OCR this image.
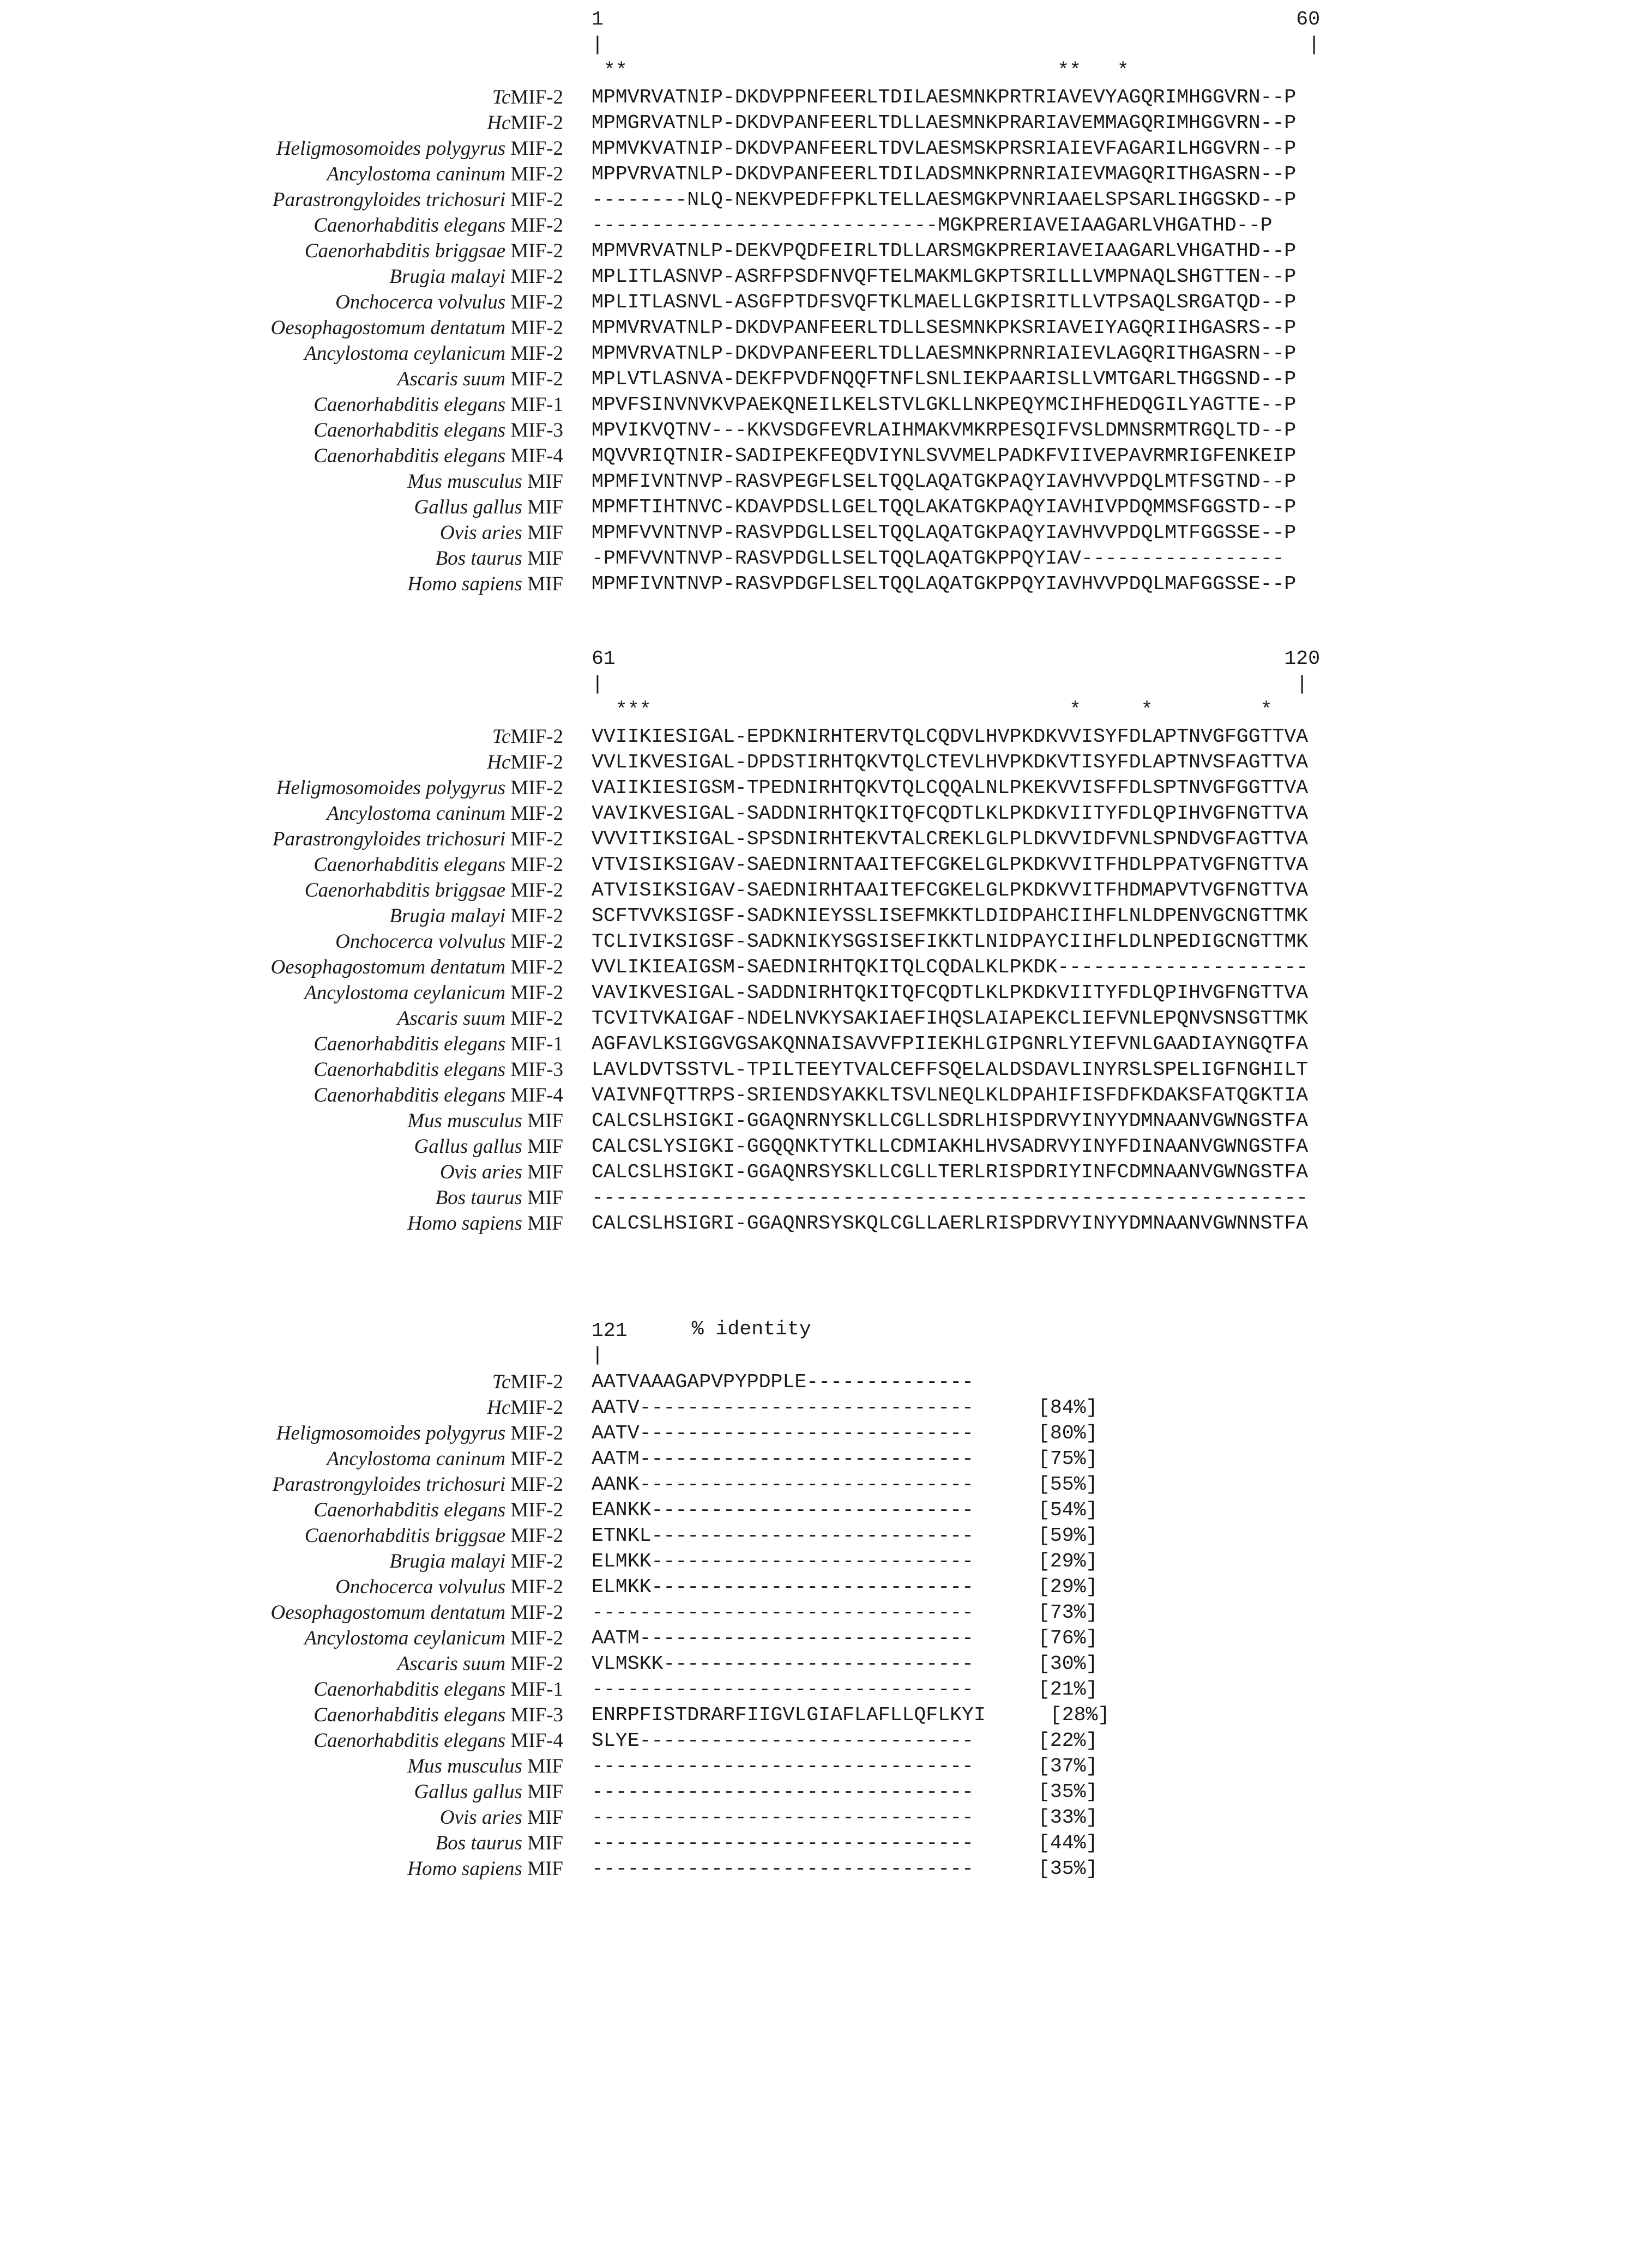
1                                                          60

|                                                           |

**                                    **   *
TcMIF-2	MPMVRVATNIP-DKDVPPNFEERLTDILAESMNKPRTRIAVEVYAGQRIMHGGVRN--P
HcMIF-2	MPMGRVATNLP-DKDVPANFEERLTDLLAESMNKPRARIAVEMMAGQRIMHGGVRN--P
Heligmosomoides polygyrus MIF-2	MPMVKVATNIP-DKDVPANFEERLTDVLAESMSKPRSRIAIEVFAGARILHGGVRN--P
Ancylostoma caninum MIF-2	MPPVRVATNLP-DKDVPANFEERLTDILADSMNKPRNRIAIEVMAGQRITHGASRN--P
Parastrongyloides trichosuri MIF-2	--------NLQ-NEKVPEDFFPKLTELLAESMGKPVNRIAAELSPSARLIHGGSKD--P
Caenorhabditis elegans MIF-2	-----------------------------MGKPRERIAVEIAAGARLVHGATHD--P
Caenorhabditis briggsae MIF-2	MPMVRVATNLP-DEKVPQDFEIRLTDLLARSMGKPRERIAVEIAAGARLVHGATHD--P
Brugia malayi MIF-2	MPLITLASNVP-ASRFPSDFNVQFTELMAKMLGKPTSRILLLVMPNAQLSHGTTEN--P
Onchocerca volvulus MIF-2	MPLITLASNVL-ASGFPTDFSVQFTKLMAELLGKPISRITLLVTPSAQLSRGATQD--P
Oesophagostomum dentatum MIF-2	MPMVRVATNLP-DKDVPANFEERLTDLLSESMNKPKSRIAVEIYAGQRIIHGASRS--P
Ancylostoma ceylanicum MIF-2	MPMVRVATNLP-DKDVPANFEERLTDLLAESMNKPRNRIAIEVLAGQRITHGASRN--P
Ascaris suum MIF-2	MPLVTLASNVA-DEKFPVDFNQQFTNFLSNLIEKPAARISLLVMTGARLTHGGSND--P
Caenorhabditis elegans MIF-1	MPVFSINVNVKVPAEKQNEILKELSTVLGKLLNKPEQYMCIHFHEDQGILYAGTTE--P
Caenorhabditis elegans MIF-3	MPVIKVQTNV---KKVSDGFEVRLAIHMAKVMKRPESQIFVSLDMNSRMTRGQLTD--P
Caenorhabditis elegans MIF-4	MQVVRIQTNIR-SADIPEKFEQDVIYNLSVVMELPADKFVIIVEPAVRMRIGFENKEIP
Mus musculus MIF	MPMFIVNTNVP-RASVPEGFLSELTQQLAQATGKPAQYIAVHVVPDQLMTFSGTND--P
Gallus gallus MIF	MPMFTIHTNVC-KDAVPDSLLGELTQQLAKATGKPAQYIAVHIVPDQMMSFGGSTD--P
Ovis aries MIF	MPMFVVNTNVP-RASVPDGLLSELTQQLAQATGKPAQYIAVHVVPDQLMTFGGSSE--P
Bos taurus MIF	-PMFVVNTNVP-RASVPDGLLSELTQQLAQATGKPPQYIAV-----------------
Homo sapiens MIF	MPMFIVNTNVP-RASVPDGFLSELTQQLAQATGKPPQYIAVHVVPDQLMAFGGSSE--P

61                                                        120

|                                                          |

***                                   *     *         *
TcMIF-2	VVIIKIESIGAL-EPDKNIRHTERVTQLCQDVLHVPKDKVVISYFDLAPTNVGFGGTTVA
HcMIF-2	VVLIKVESIGAL-DPDSTIRHTQKVTQLCTEVLHVPKDKVTISYFDLAPTNVSFAGTTVA
Heligmosomoides polygyrus MIF-2	VAIIKIESIGSM-TPEDNIRHTQKVTQLCQQALNLPKEKVVISFFDLSPTNVGFGGTTVA
Ancylostoma caninum MIF-2	VAVIKVESIGAL-SADDNIRHTQKITQFCQDTLKLPKDKVIITYFDLQPIHVGFNGTTVA
Parastrongyloides trichosuri MIF-2	VVVITIKSIGAL-SPSDNIRHTEKVTALCREKLGLPLDKVVIDFVNLSPNDVGFAGTTVA
Caenorhabditis elegans MIF-2	VTVISIKSIGAV-SAEDNIRNTAAITEFCGKELGLPKDKVVITFHDLPPATVGFNGTTVA
Caenorhabditis briggsae MIF-2	ATVISIKSIGAV-SAEDNIRHTAAITEFCGKELGLPKDKVVITFHDMAPVTVGFNGTTVA
Brugia malayi MIF-2	SCFTVVKSIGSF-SADKNIEYSSLISEFMKKTLDIDPAHCIIHFLNLDPENVGCNGTTMK
Onchocerca volvulus MIF-2	TCLIVIKSIGSF-SADKNIKYSGSISEFIKKTLNIDPAYCIIHFLDLNPEDIGCNGTTMK
Oesophagostomum dentatum MIF-2	VVLIKIEAIGSM-SAEDNIRHTQKITQLCQDALKLPKDK---------------------
Ancylostoma ceylanicum MIF-2	VAVIKVESIGAL-SADDNIRHTQKITQFCQDTLKLPKDKVIITYFDLQPIHVGFNGTTVA
Ascaris suum MIF-2	TCVITVKAIGAF-NDELNVKYSAKIAEFIHQSLAIAPEKCLIEFVNLEPQNVSNSGTTMK
Caenorhabditis elegans MIF-1	AGFAVLKSIGGVGSAKQNNAISAVVFPIIEKHLGIPGNRLYIEFVNLGAADIAYNGQTFA
Caenorhabditis elegans MIF-3	LAVLDVTSSTVL-TPILTEEYTVALCEFFSQELALDSDAVLINYRSLSPELIGFNGHILT
Caenorhabditis elegans MIF-4	VAIVNFQTTRPS-SRIENDSYAKKLTSVLNEQLKLDPAHIFISFDFKDAKSFATQGKTIA
Mus musculus MIF	CALCSLHSIGKI-GGAQNRNYSKLLCGLLSDRLHISPDRVYINYYDMNAANVGWNGSTFA
Gallus gallus MIF	CALCSLYSIGKI-GGQQNKTYTKLLCDMIAKHLHVSADRVYINYFDINAANVGWNGSTFA
Ovis aries MIF	CALCSLHSIGKI-GGAQNRSYSKLLCGLLTERLRISPDRIYINFCDMNAANVGWNGSTFA
Bos taurus MIF	------------------------------------------------------------
Homo sapiens MIF	CALCSLHSIGRI-GGAQNRSYSKQLCGLLAERLRISPDRVYINYYDMNAANVGWNNSTFA

121	% identity

|
TcMIF-2	AATVAAAGAPVPYPDPLE--------------
HcMIF-2	AATV----------------------------	[84%]
Heligmosomoides polygyrus MIF-2	AATV----------------------------	[80%]
Ancylostoma caninum MIF-2	AATM----------------------------	[75%]
Parastrongyloides trichosuri MIF-2	AANK----------------------------	[55%]
Caenorhabditis elegans MIF-2	EANKK---------------------------	[54%]
Caenorhabditis briggsae MIF-2	ETNKL---------------------------	[59%]
Brugia malayi MIF-2	ELMKK---------------------------	[29%]
Onchocerca volvulus MIF-2	ELMKK---------------------------	[29%]
Oesophagostomum dentatum MIF-2	--------------------------------	[73%]
Ancylostoma ceylanicum MIF-2	AATM----------------------------	[76%]
Ascaris suum MIF-2	VLMSKK--------------------------	[30%]
Caenorhabditis elegans MIF-1	--------------------------------	[21%]
Caenorhabditis elegans MIF-3	ENRPFISTDRARFIIGVLGIAFLAFLLQFLKYI	[28%]
Caenorhabditis elegans MIF-4	SLYE----------------------------	[22%]
Mus musculus MIF	--------------------------------	[37%]
Gallus gallus MIF	--------------------------------	[35%]
Ovis aries MIF	--------------------------------	[33%]
Bos taurus MIF	--------------------------------	[44%]
Homo sapiens MIF	--------------------------------	[35%]
